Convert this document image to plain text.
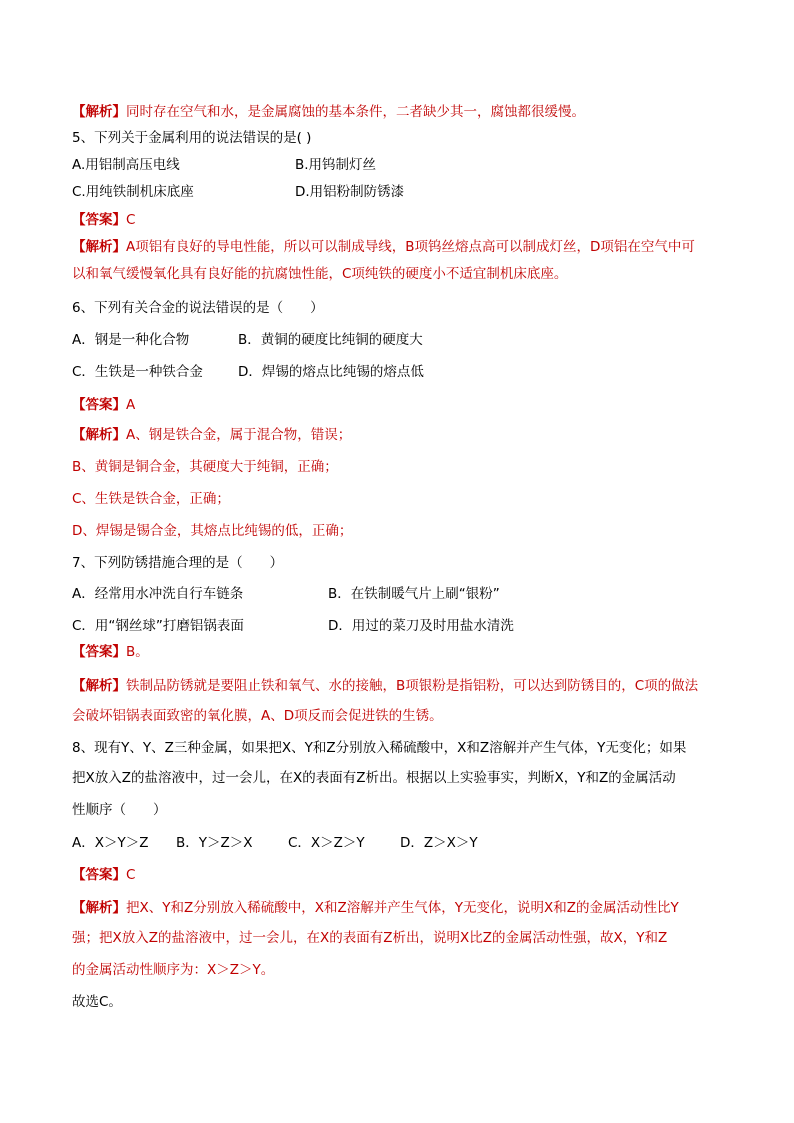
【解析】同时存在空气和水，是金属腐蚀的基本条件，二者缺少其一，腐蚀都很缓慢。
5、下列关于金属利用的说法错误的是( )
A.用铝制高压电线	B.用钨制灯丝
C.用纯铁制机床底座	D.用铝粉制防锈漆
【答案】C
【解析】A项铝有良好的导电性能，所以可以制成导线，B项钨丝熔点高可以制成灯丝，D项铝在空气中可
以和氧气缓慢氧化具有良好能的抗腐蚀性能，C项纯铁的硬度小不适宜制机床底座。
6、下列有关合金的说法错误的是（　　）
A．钢是一种化合物	B．黄铜的硬度比纯铜的硬度大
C．生铁是一种铁合金	D．焊锡的熔点比纯锡的熔点低
【答案】A
【解析】A、钢是铁合金，属于混合物，错误；
B、黄铜是铜合金，其硬度大于纯铜，正确；
C、生铁是铁合金，正确；
D、焊锡是锡合金，其熔点比纯锡的低，正确；
7、下列防锈措施合理的是（　　）
A．经常用水冲洗自行车链条	B．在铁制暖气片上刷“银粉”
C．用“钢丝球”打磨铝锅表面	D．用过的菜刀及时用盐水清洗
【答案】B。
【解析】铁制品防锈就是要阻止铁和氧气、水的接触，B项银粉是指铝粉，可以达到防锈目的，C项的做法
会破坏铝锅表面致密的氧化膜，A、D项反而会促进铁的生锈。
8、现有Y、Y、Z三种金属，如果把X、Y和Z分别放入稀硫酸中，X和Z溶解并产生气体，Y无变化；如果
把X放入Z的盐溶液中，过一会儿，在X的表面有Z析出。根据以上实验事实，判断X，Y和Z的金属活动
性顺序（　　）
A．X＞Y＞Z B．Y＞Z＞X	C．X＞Z＞Y	D．Z＞X＞Y
【答案】C
【解析】把X、Y和Z分别放入稀硫酸中，X和Z溶解并产生气体，Y无变化，说明X和Z的金属活动性比Y
强；把X放入Z的盐溶液中，过一会儿，在X的表面有Z析出，说明X比Z的金属活动性强，故X，Y和Z
的金属活动性顺序为：X＞Z＞Y。
故选C。
